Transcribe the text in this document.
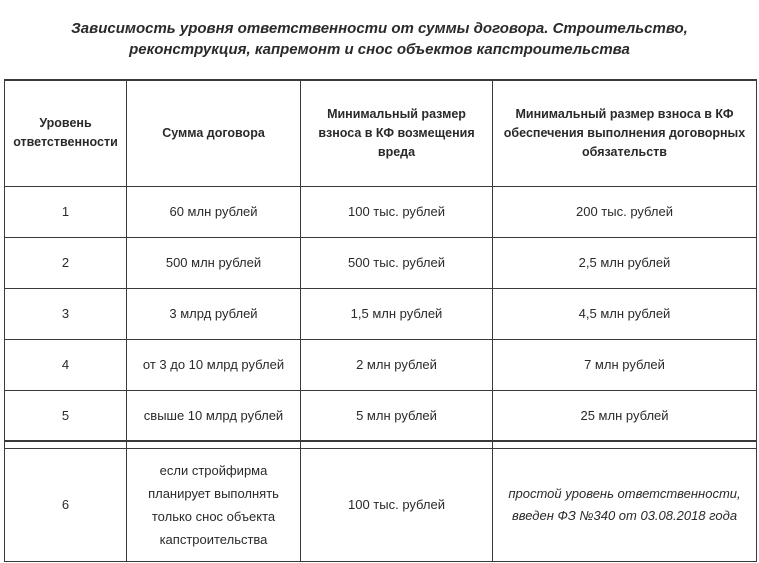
Зависимость уровня ответственности от суммы договора. Строительство,
реконструкция, капремонт и снос объектов капстроительства
Уровень ответственности	Сумма договора	Минимальный размер взноса в КФ возмещения вреда	Минимальный размер взноса в КФ обеспечения выполнения договорных обязательств
1	60 млн рублей	100 тыс. рублей	200 тыс. рублей
2	500 млн рублей	500 тыс. рублей	2,5 млн рублей
3	3 млрд рублей	1,5 млн рублей	4,5 млн рублей
4	от 3 до 10 млрд рублей	2 млн рублей	7 млн рублей
5	свыше 10 млрд рублей	5 млн рублей	25 млн рублей

6	если стройфирма планирует выполнять только снос объекта капстроительства	100 тыс. рублей	простой уровень ответственности, введен ФЗ №340 от 03.08.2018 года
